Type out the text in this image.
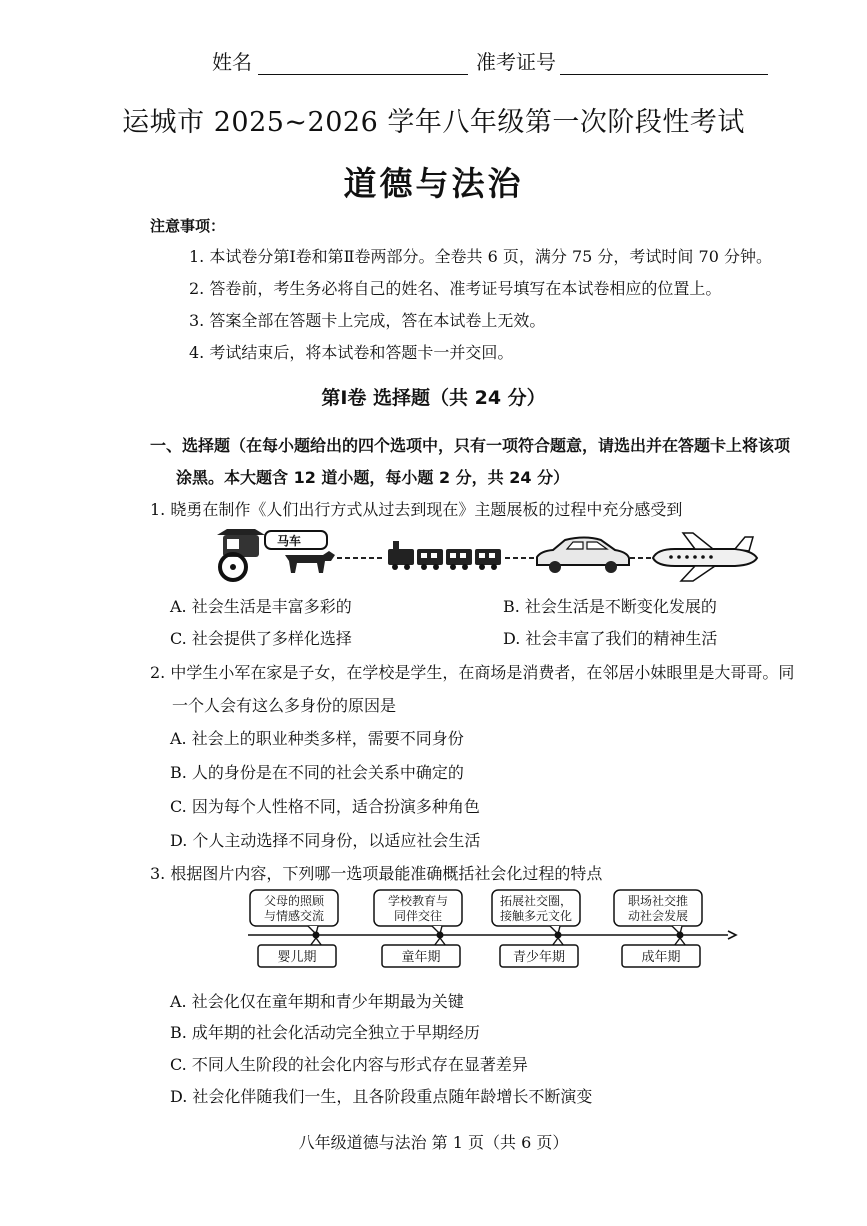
姓名	准考证号
运城市 2025~2026 学年八年级第一次阶段性考试
道德与法治
注意事项：
1. 本试卷分第Ⅰ卷和第Ⅱ卷两部分。全卷共 6 页，满分 75 分，考试时间 70 分钟。
2. 答卷前，考生务必将自己的姓名、准考证号填写在本试卷相应的位置上。
3. 答案全部在答题卡上完成，答在本试卷上无效。
4. 考试结束后，将本试卷和答题卡一并交回。
第Ⅰ卷 选择题（共 24 分）
一、选择题（在每小题给出的四个选项中，只有一项符合题意，请选出并在答题卡上将该项
涂黑。本大题含 12 道小题，每小题 2 分，共 24 分）
1. 晓勇在制作《人们出行方式从过去到现在》主题展板的过程中充分感受到
马车
A. 社会生活是丰富多彩的	B. 社会生活是不断变化发展的
C. 社会提供了多样化选择	D. 社会丰富了我们的精神生活
2. 中学生小军在家是子女，在学校是学生，在商场是消费者，在邻居小妹眼里是大哥哥。同
一个人会有这么多身份的原因是
A. 社会上的职业种类多样，需要不同身份
B. 人的身份是在不同的社会关系中确定的
C. 因为每个人性格不同，适合扮演多种角色
D. 个人主动选择不同身份，以适应社会生活
3. 根据图片内容，下列哪一选项最能准确概括社会化过程的特点
父母的照顾
与情感交流
学校教育与
同伴交往
拓展社交圈，
接触多元文化
职场社交推
动社会发展
婴儿期	童年期	青少年期	成年期
A. 社会化仅在童年期和青少年期最为关键
B. 成年期的社会化活动完全独立于早期经历
C. 不同人生阶段的社会化内容与形式存在显著差异
D. 社会化伴随我们一生，且各阶段重点随年龄增长不断演变
八年级道德与法治 第 1 页（共 6 页）
